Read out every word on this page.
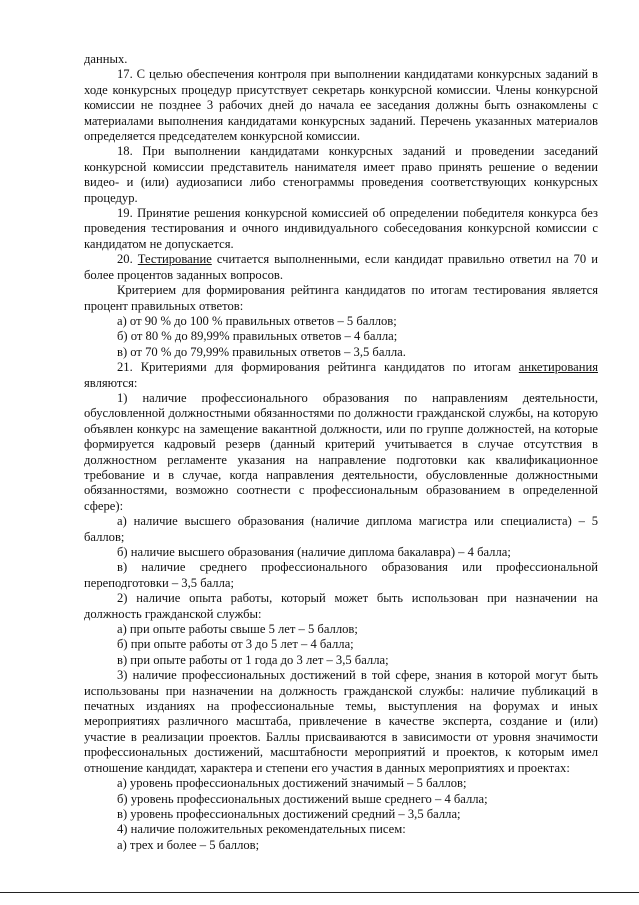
данных.

17. С целью обеспечения контроля при выполнении кандидатами конкурсных заданий в ходе конкурсных процедур присутствует секретарь конкурсной комиссии. Члены конкурсной комиссии не позднее 3 рабочих дней до начала ее заседания должны быть ознакомлены с материалами выполнения кандидатами конкурсных заданий. Перечень указанных материалов определяется председателем конкурсной комиссии.

18. При выполнении кандидатами конкурсных заданий и проведении заседаний конкурсной комиссии представитель нанимателя имеет право принять решение о ведении видео- и (или) аудиозаписи либо стенограммы проведения соответствующих конкурсных процедур.

19. Принятие решения конкурсной комиссией об определении победителя конкурса без проведения тестирования и очного индивидуального собеседования конкурсной комиссии с кандидатом не допускается.

20. Тестирование считается выполненными, если кандидат правильно ответил на 70 и более процентов заданных вопросов.

Критерием для формирования рейтинга кандидатов по итогам тестирования является процент правильных ответов:

а) от 90 % до 100 % правильных ответов – 5 баллов;

б) от 80 % до 89,99% правильных ответов – 4 балла;

в) от 70 % до 79,99% правильных ответов – 3,5 балла.

21. Критериями для формирования рейтинга кандидатов по итогам анкетирования являются:

1) наличие профессионального образования по направлениям деятельности, обусловленной должностными обязанностями по должности гражданской службы, на которую объявлен конкурс на замещение вакантной должности, или по группе должностей, на которые формируется кадровый резерв (данный критерий учитывается в случае отсутствия в должностном регламенте указания на направление подготовки как квалификационное требование и в случае, когда направления деятельности, обусловленные должностными обязанностями, возможно соотнести с профессиональным образованием в определенной сфере):

а) наличие высшего образования (наличие диплома магистра или специалиста) – 5 баллов;

б) наличие высшего образования (наличие диплома бакалавра) – 4 балла;

в) наличие среднего профессионального образования или профессиональной переподготовки – 3,5 балла;

2) наличие опыта работы, который может быть использован при назначении на должность гражданской службы:

а) при опыте работы свыше 5 лет – 5 баллов;

б) при опыте работы от 3 до 5 лет – 4 балла;

в) при опыте работы от 1 года до 3 лет – 3,5 балла;

3) наличие профессиональных достижений в той сфере, знания в которой могут быть использованы при назначении на должность гражданской службы: наличие публикаций в печатных изданиях на профессиональные темы, выступления на форумах и иных мероприятиях различного масштаба, привлечение в качестве эксперта, создание и (или) участие в реализации проектов. Баллы присваиваются в зависимости от уровня значимости профессиональных достижений, масштабности мероприятий и проектов, к которым имел отношение кандидат, характера и степени его участия в данных мероприятиях и проектах:

а) уровень профессиональных достижений значимый – 5 баллов;

б) уровень профессиональных достижений выше среднего – 4 балла;

в) уровень профессиональных достижений средний – 3,5 балла;

4) наличие положительных рекомендательных писем:

а) трех и более – 5 баллов;
